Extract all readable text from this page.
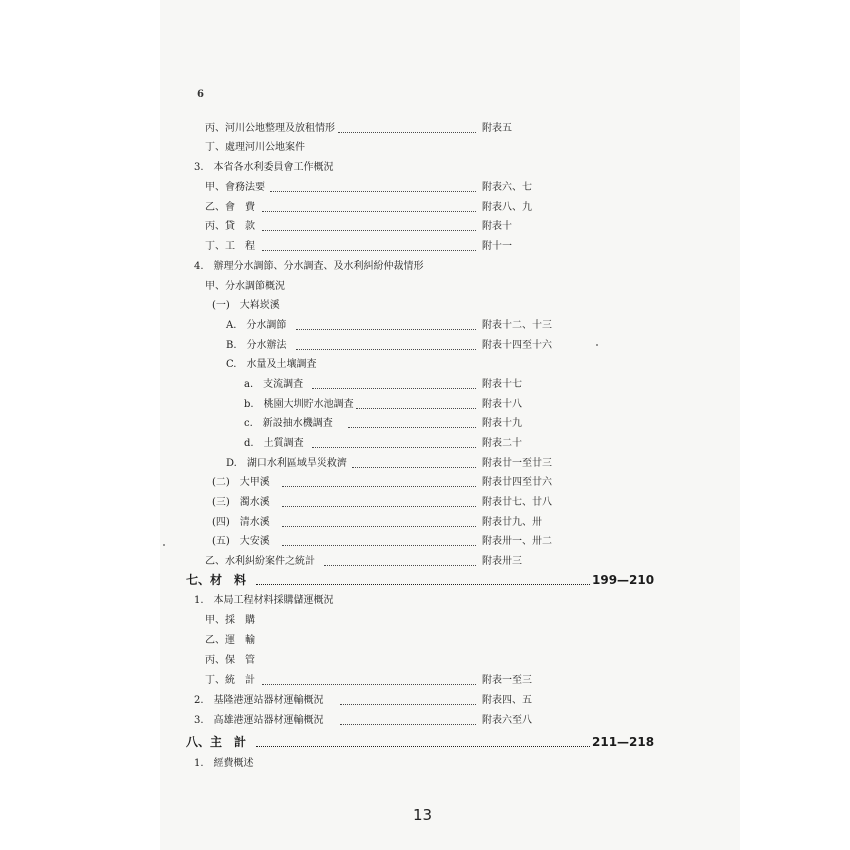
6
丙、河川公地整理及放租情形	附表五
丁、處理河川公地案件
3.　本省各水利委員會工作概況
甲、會務法要	附表六、七
乙、會　費	附表八、九
丙、貸　款	附表十
丁、工　程	附十一
4.　辦理分水調節、分水調査、及水利糾紛仲裁情形
甲、分水調節概況
(一)　大嵙崁溪
A.　分水調節	附表十二、十三
B.　分水辦法	附表十四至十六
C.　水量及土壤調査
a.　支流調査	附表十七
b.　桃園大圳貯水池調査	附表十八
c.　新設抽水機調査	附表十九
d.　土質調査	附表二十
D.　湖口水利區域旱災救濟	附表廿一至廿三
(二)　大甲溪	附表廿四至廿六
(三)　濁水溪	附表廿七、廿八
(四)　清水溪	附表廿九、卅
(五)　大安溪	附表卅一、卅二
乙、水利糾紛案件之統計	附表卅三
七、材　料	199—210
1.　本局工程材料採購儲運概況
甲、採　購
乙、運　輸
丙、保　管
丁、統　計	附表一至三
2.　基隆港運站器材運輸概況	附表四、五
3.　高雄港運站器材運輸概況	附表六至八
八、主　計	211—218
1.　經費概述
13
